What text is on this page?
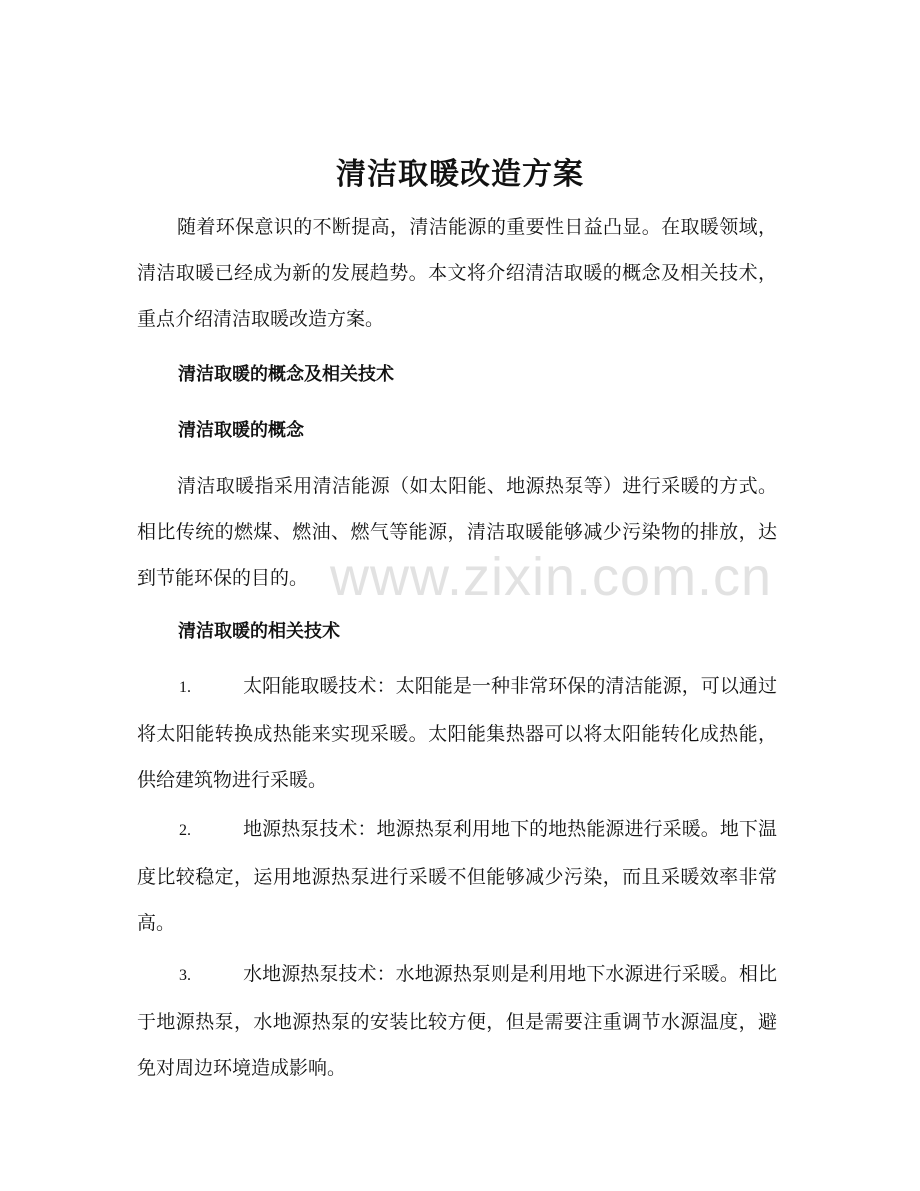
清洁取暖改造方案

随着环保意识的不断提高，清洁能源的重要性日益凸显。在取暖领域，清洁取暖已经成为新的发展趋势。本文将介绍清洁取暖的概念及相关技术，重点介绍清洁取暖改造方案。

清洁取暖的概念及相关技术
清洁取暖的概念

清洁取暖指采用清洁能源（如太阳能、地源热泵等）进行采暖的方式。相比传统的燃煤、燃油、燃气等能源，清洁取暖能够减少污染物的排放，达到节能环保的目的。

清洁取暖的相关技术

1.	太阳能取暖技术：太阳能是一种非常环保的清洁能源，可以通过将太阳能转换成热能来实现采暖。太阳能集热器可以将太阳能转化成热能，供给建筑物进行采暖。

2.	地源热泵技术：地源热泵利用地下的地热能源进行采暖。地下温度比较稳定，运用地源热泵进行采暖不但能够减少污染，而且采暖效率非常高。

3.	水地源热泵技术：水地源热泵则是利用地下水源进行采暖。相比于地源热泵，水地源热泵的安装比较方便，但是需要注重调节水源温度，避免对周边环境造成影响。

www.zixin.com.cn
